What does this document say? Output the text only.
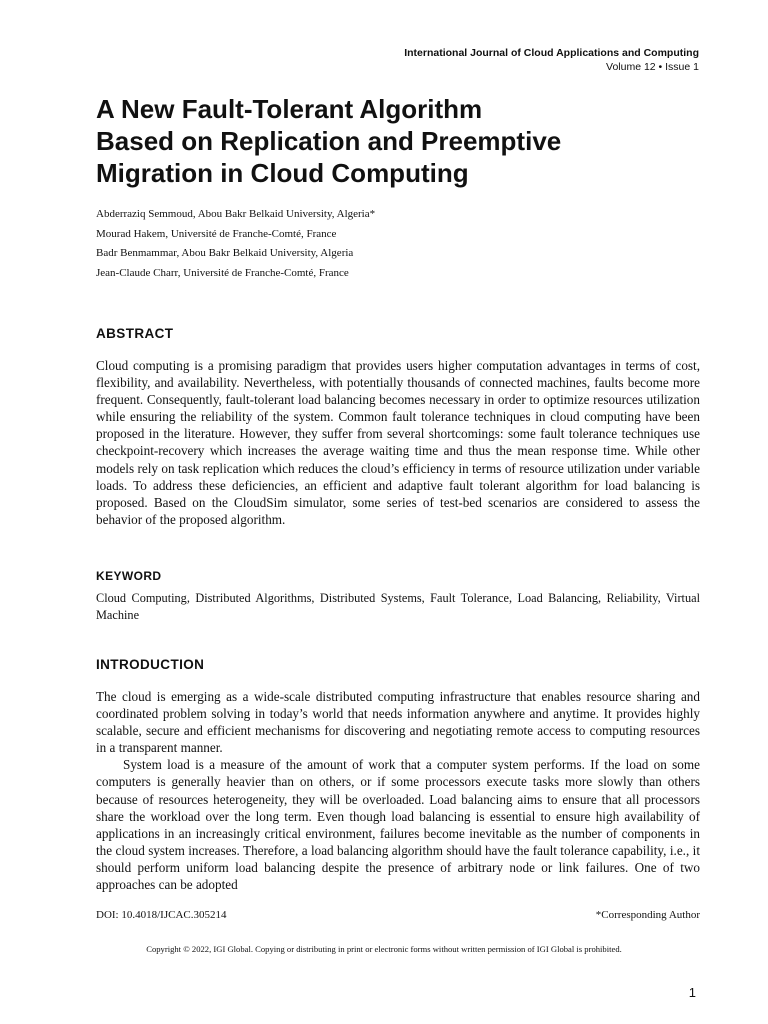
International Journal of Cloud Applications and Computing
Volume 12 • Issue 1
A New Fault-Tolerant Algorithm
Based on Replication and Preemptive
Migration in Cloud Computing
Abderraziq Semmoud, Abou Bakr Belkaid University, Algeria*
Mourad Hakem, Université de Franche-Comté, France
Badr Benmammar, Abou Bakr Belkaid University, Algeria
Jean-Claude Charr, Université de Franche-Comté, France
ABSTRACT

Cloud computing is a promising paradigm that provides users higher computation advantages in terms of cost, flexibility, and availability. Nevertheless, with potentially thousands of connected machines, faults become more frequent. Consequently, fault-tolerant load balancing becomes necessary in order to optimize resources utilization while ensuring the reliability of the system. Common fault tolerance techniques in cloud computing have been proposed in the literature. However, they suffer from several shortcomings: some fault tolerance techniques use checkpoint-recovery which increases the average waiting time and thus the mean response time. While other models rely on task replication which reduces the cloud’s efficiency in terms of resource utilization under variable loads. To address these deficiencies, an efficient and adaptive fault tolerant algorithm for load balancing is proposed. Based on the CloudSim simulator, some series of test-bed scenarios are considered to assess the behavior of the proposed algorithm.

KEYWORD

Cloud Computing, Distributed Algorithms, Distributed Systems, Fault Tolerance, Load Balancing, Reliability, Virtual Machine

INTRODUCTION

The cloud is emerging as a wide-scale distributed computing infrastructure that enables resource sharing and coordinated problem solving in today’s world that needs information anywhere and anytime. It provides highly scalable, secure and efficient mechanisms for discovering and negotiating remote access to computing resources in a transparent manner.

System load is a measure of the amount of work that a computer system performs. If the load on some computers is generally heavier than on others, or if some processors execute tasks more slowly than others because of resources heterogeneity, they will be overloaded. Load balancing aims to ensure that all processors share the workload over the long term. Even though load balancing is essential to ensure high availability of applications in an increasingly critical environment, failures become inevitable as the number of components in the cloud system increases. Therefore, a load balancing algorithm should have the fault tolerance capability, i.e., it should perform uniform load balancing despite the presence of arbitrary node or link failures. One of two approaches can be adopted

DOI: 10.4018/IJCAC.305214	*Corresponding Author
Copyright © 2022, IGI Global. Copying or distributing in print or electronic forms without written permission of IGI Global is prohibited.
1
